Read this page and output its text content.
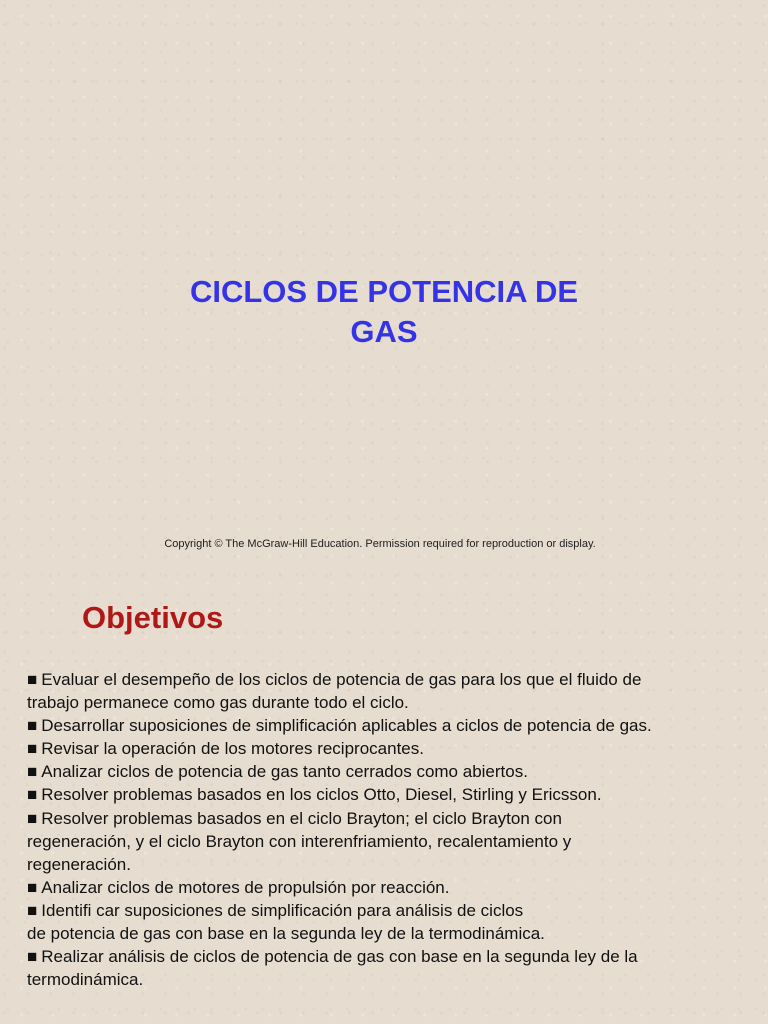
CICLOS DE POTENCIA DE
GAS

Copyright © The McGraw-Hill Education. Permission required for reproduction or display.

Objetivos
■ Evaluar el desempeño de los ciclos de potencia de gas para los que el fluido de
trabajo permanece como gas durante todo el ciclo.
■ Desarrollar suposiciones de simplificación aplicables a ciclos de potencia de gas.
■ Revisar la operación de los motores reciprocantes.
■ Analizar ciclos de potencia de gas tanto cerrados como abiertos.
■ Resolver problemas basados en los ciclos Otto, Diesel, Stirling y Ericsson.
■ Resolver problemas basados en el ciclo Brayton; el ciclo Brayton con
regeneración, y el ciclo Brayton con interenfriamiento, recalentamiento y
regeneración.
■ Analizar ciclos de motores de propulsión por reacción.
■ Identifi car suposiciones de simplificación para análisis de ciclos
de potencia de gas con base en la segunda ley de la termodinámica.
■ Realizar análisis de ciclos de potencia de gas con base en la segunda ley de la
termodinámica.
